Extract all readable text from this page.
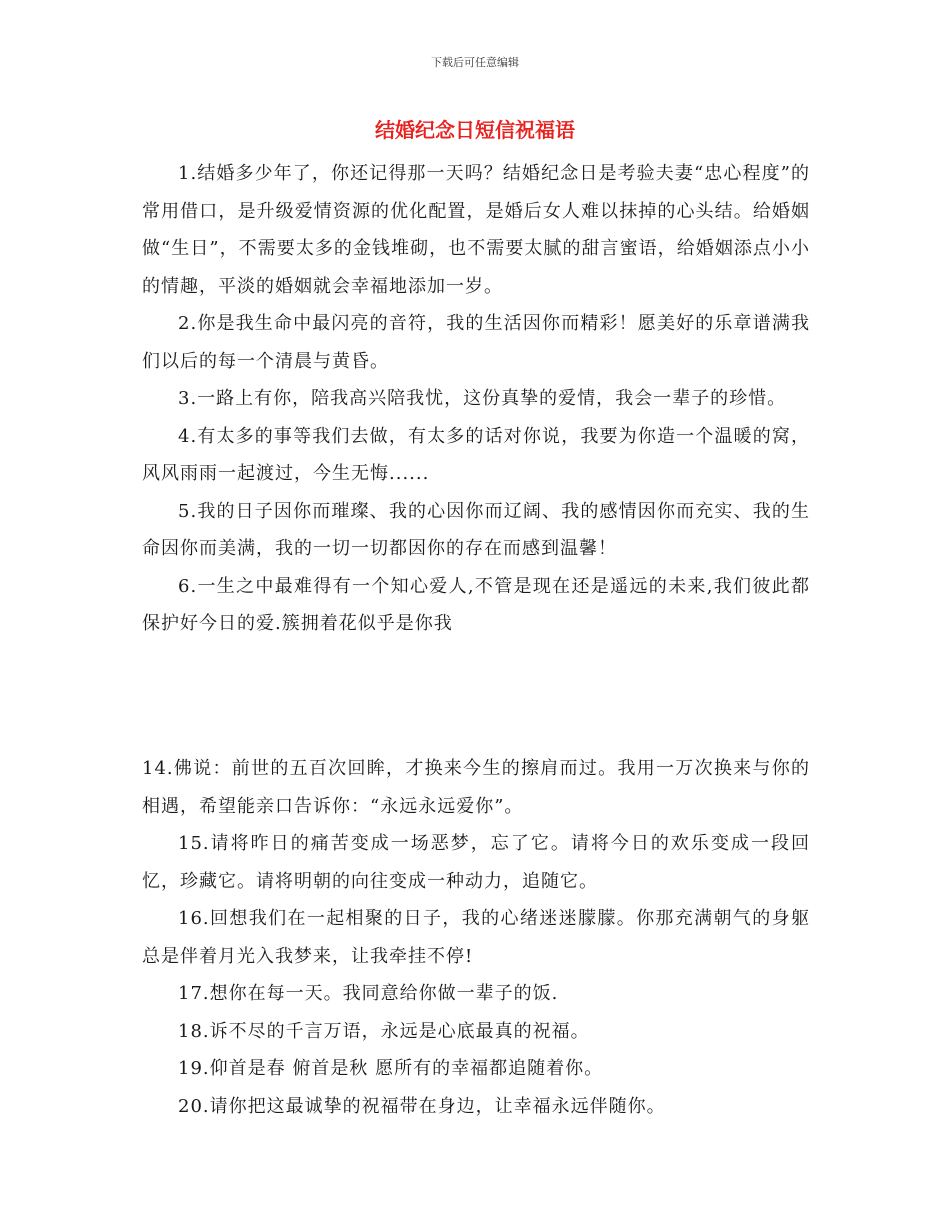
下载后可任意编辑
结婚纪念日短信祝福语

1.结婚多少年了，你还记得那一天吗？结婚纪念日是考验夫妻“忠心程度”的常用借口，是升级爱情资源的优化配置，是婚后女人难以抹掉的心头结。给婚姻做“生日”，不需要太多的金钱堆砌，也不需要太腻的甜言蜜语，给婚姻添点小小的情趣，平淡的婚姻就会幸福地添加一岁。

2.你是我生命中最闪亮的音符，我的生活因你而精彩！愿美好的乐章谱满我们以后的每一个清晨与黄昏。

3.一路上有你，陪我高兴陪我忧，这份真挚的爱情，我会一辈子的珍惜。

4.有太多的事等我们去做，有太多的话对你说，我要为你造一个温暖的窝，风风雨雨一起渡过，今生无悔......

5.我的日子因你而璀璨、我的心因你而辽阔、我的感情因你而充实、我的生命因你而美满，我的一切一切都因你的存在而感到温馨！

6.一生之中最难得有一个知心爱人,不管是现在还是遥远的未来,我们彼此都保护好今日的爱.簇拥着花似乎是你我

14.佛说：前世的五百次回眸，才换来今生的擦肩而过。我用一万次换来与你的相遇，希望能亲口告诉你：“永远永远爱你”。

15.请将昨日的痛苦变成一场恶梦，忘了它。请将今日的欢乐变成一段回忆，珍藏它。请将明朝的向往变成一种动力，追随它。

16.回想我们在一起相聚的日子，我的心绪迷迷朦朦。你那充满朝气的身躯总是伴着月光入我梦来，让我牵挂不停!

17.想你在每一天。我同意给你做一辈子的饭.

18.诉不尽的千言万语，永远是心底最真的祝福。

19.仰首是春 俯首是秋 愿所有的幸福都追随着你。

20.请你把这最诚挚的祝福带在身边，让幸福永远伴随你。
